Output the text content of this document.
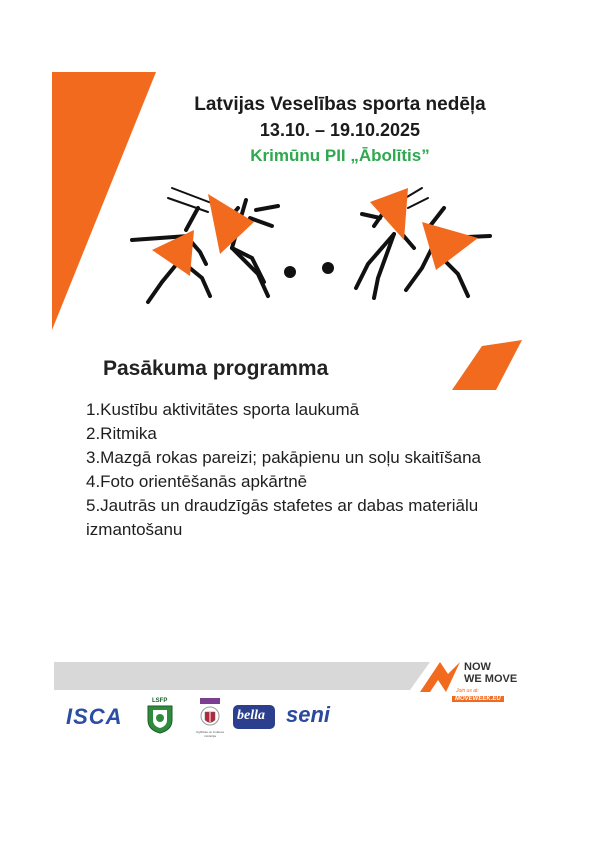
Latvijas Veselības sporta nedēļa
13.10. – 19.10.2025
Krimūnu PII „Ābolītis”
Pasākuma programma
1.Kustību aktivitātes sporta laukumā
2.Ritmika
3.Mazgā rokas pareizi; pakāpienu un soļu skaitīšana
4.Foto orientēšanās apkārtnē
5.Jautrās un draudzīgās stafetes ar dabas materiālu izmantošanu
NOW
WE MOVE
Join us at:
MOVEWEEK.EU
ISCA
LSFP
Izglītības un zinātnes ministrija
bella seni
